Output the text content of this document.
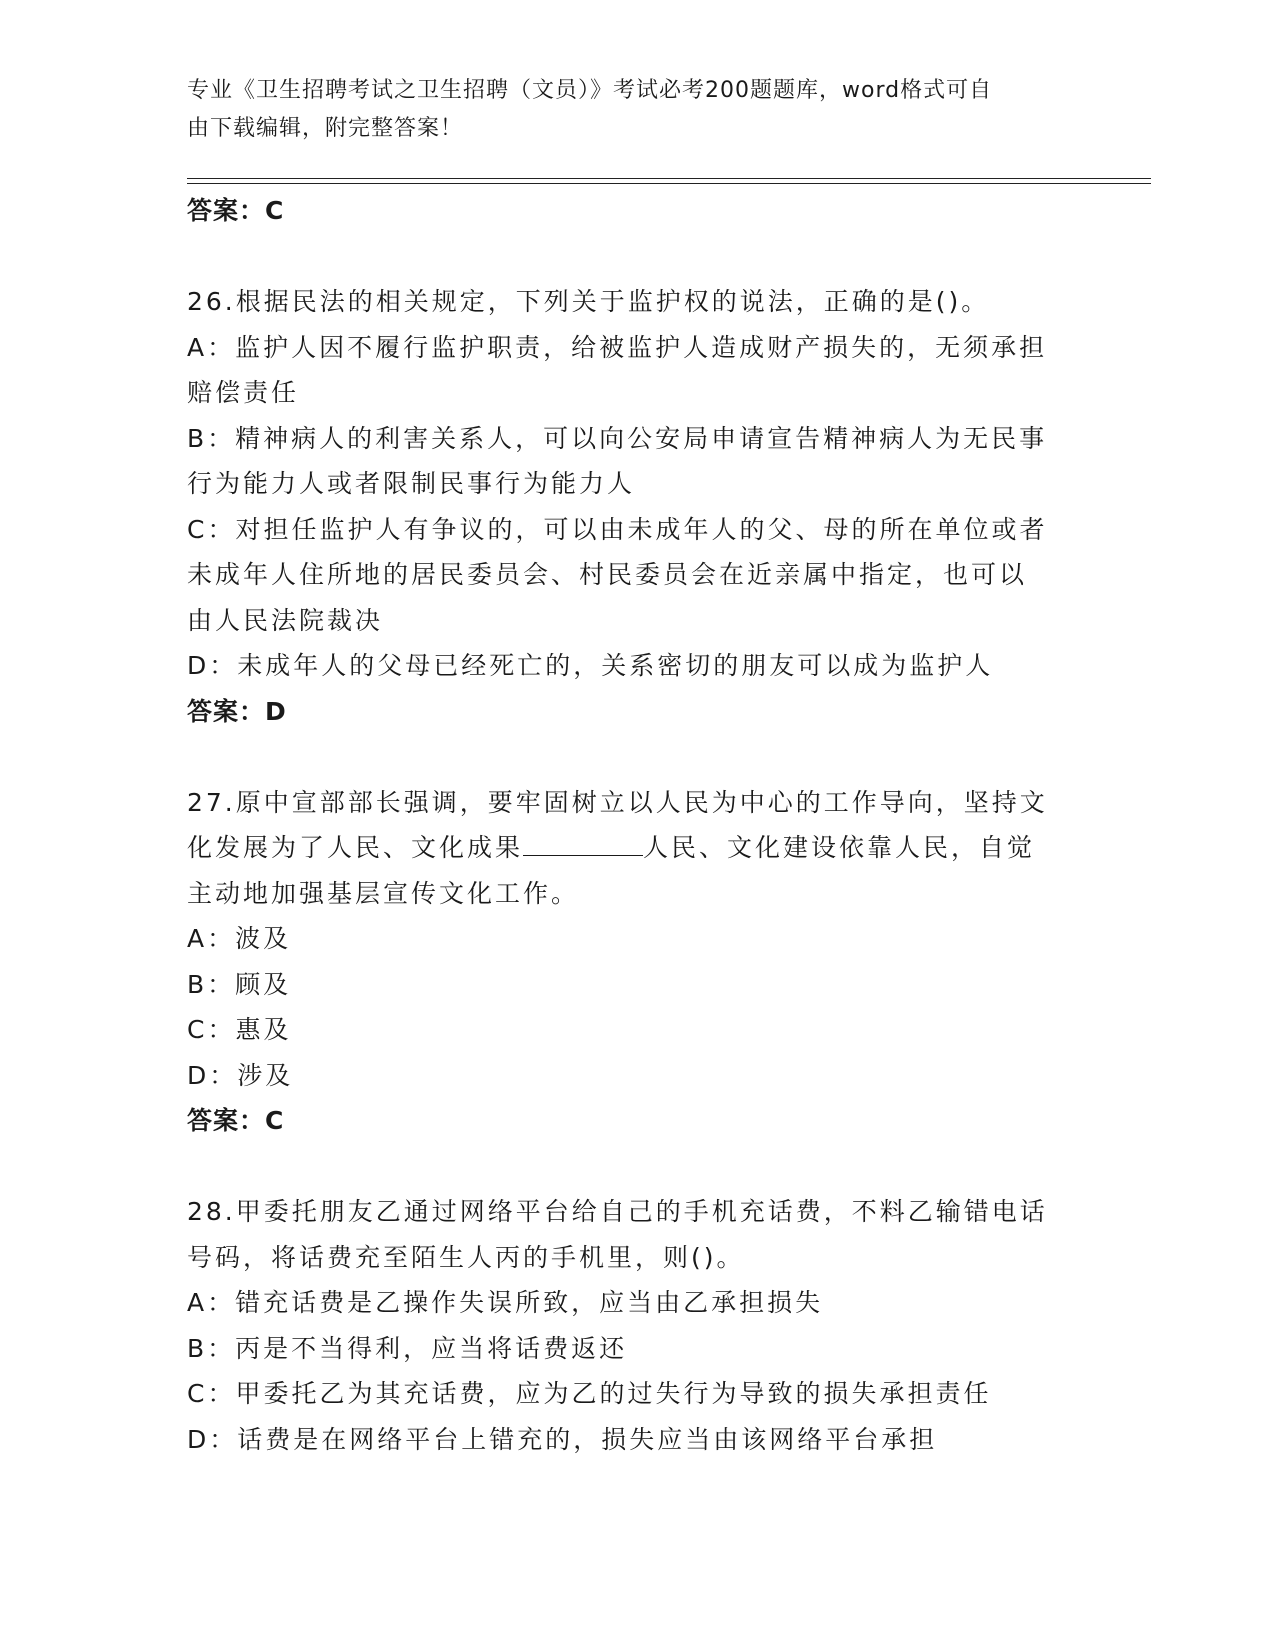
专业《卫生招聘考试之卫生招聘（文员）》考试必考200题题库，word格式可自
由下载编辑，附完整答案！
答案：C
26.根据民法的相关规定，下列关于监护权的说法，正确的是()。
A：监护人因不履行监护职责，给被监护人造成财产损失的，无须承担
赔偿责任
B：精神病人的利害关系人，可以向公安局申请宣告精神病人为无民事
行为能力人或者限制民事行为能力人
C：对担任监护人有争议的，可以由未成年人的父、母的所在单位或者
未成年人住所地的居民委员会、村民委员会在近亲属中指定，也可以
由人民法院裁决
D：未成年人的父母已经死亡的，关系密切的朋友可以成为监护人
答案：D
27.原中宣部部长强调，要牢固树立以人民为中心的工作导向，坚持文
化发展为了人民、文化成果	人民、文化建设依靠人民，自觉
主动地加强基层宣传文化工作。
A：波及
B：顾及
C：惠及
D：涉及
答案：C
28.甲委托朋友乙通过网络平台给自己的手机充话费，不料乙输错电话
号码，将话费充至陌生人丙的手机里，则()。
A：错充话费是乙操作失误所致，应当由乙承担损失
B：丙是不当得利，应当将话费返还
C：甲委托乙为其充话费，应为乙的过失行为导致的损失承担责任
D：话费是在网络平台上错充的，损失应当由该网络平台承担
